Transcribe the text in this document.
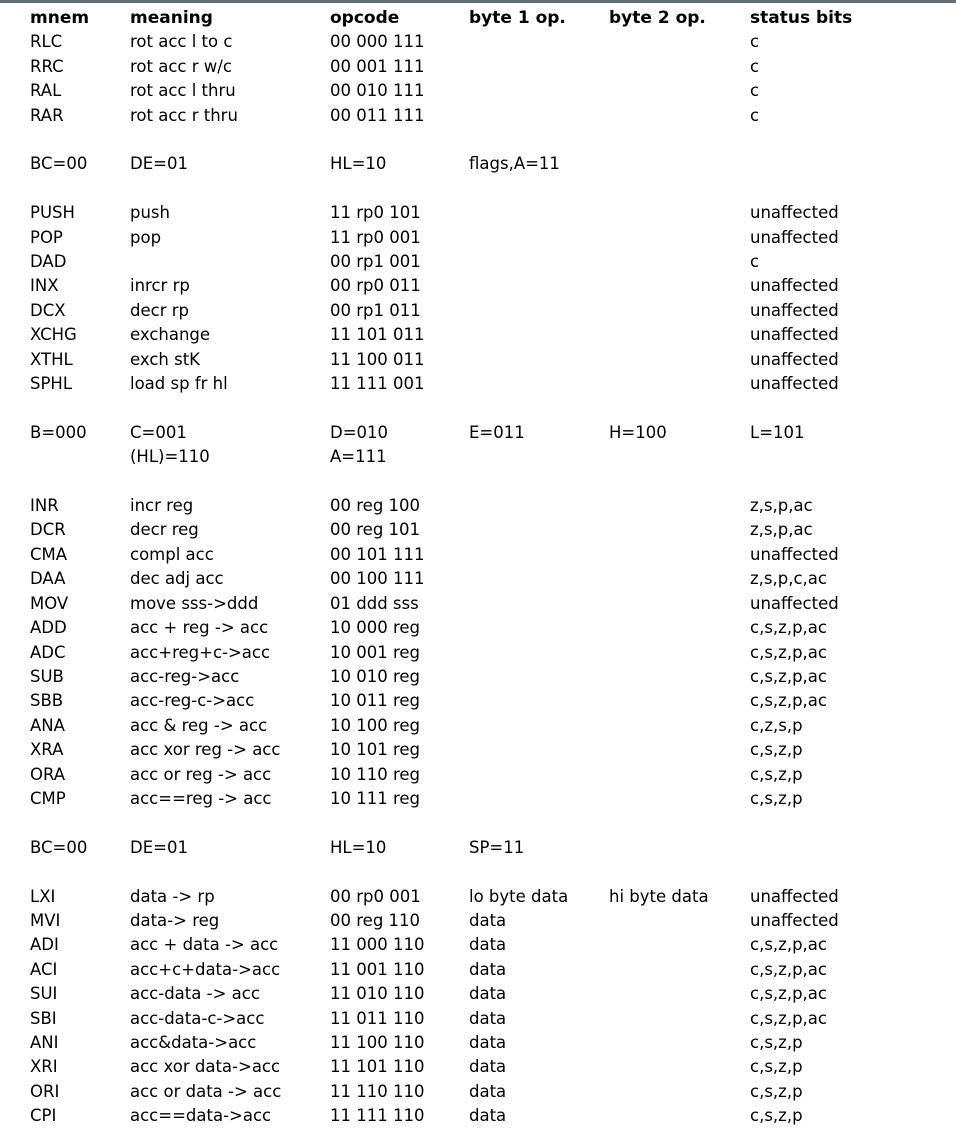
mnem	meaning	opcode	byte 1 op.	byte 2 op.	status bits
RLC	rot acc l to c	00 000 111			c
RRC	rot acc r w/c	00 001 111			c
RAL	rot acc l thru	00 010 111			c
RAR	rot acc r thru	00 011 111			c

BC=00	DE=01	HL=10	flags,A=11		

PUSH	push	11 rp0 101			unaffected
POP	pop	11 rp0 001			unaffected
DAD		00 rp1 001			c
INX	inrcr rp	00 rp0 011			unaffected
DCX	decr rp	00 rp1 011			unaffected
XCHG	exchange	11 101 011			unaffected
XTHL	exch stK	11 100 011			unaffected
SPHL	load sp fr hl	11 111 001			unaffected

B=000	C=001	D=010	E=011	H=100	L=101
	(HL)=110	A=111			

INR	incr reg	00 reg 100			z,s,p,ac
DCR	decr reg	00 reg 101			z,s,p,ac
CMA	compl acc	00 101 111			unaffected
DAA	dec adj acc	00 100 111			z,s,p,c,ac
MOV	move sss->ddd	01 ddd sss			unaffected
ADD	acc + reg -> acc	10 000 reg			c,s,z,p,ac
ADC	acc+reg+c->acc	10 001 reg			c,s,z,p,ac
SUB	acc-reg->acc	10 010 reg			c,s,z,p,ac
SBB	acc-reg-c->acc	10 011 reg			c,s,z,p,ac
ANA	acc & reg -> acc	10 100 reg			c,z,s,p
XRA	acc xor reg -> acc	10 101 reg			c,s,z,p
ORA	acc or reg -> acc	10 110 reg			c,s,z,p
CMP	acc==reg -> acc	10 111 reg			c,s,z,p

BC=00	DE=01	HL=10	SP=11		

LXI	data -> rp	00 rp0 001	lo byte data	hi byte data	unaffected
MVI	data-> reg	00 reg 110	data		unaffected
ADI	acc + data -> acc	11 000 110	data		c,s,z,p,ac
ACI	acc+c+data->acc	11 001 110	data		c,s,z,p,ac
SUI	acc-data -> acc	11 010 110	data		c,s,z,p,ac
SBI	acc-data-c->acc	11 011 110	data		c,s,z,p,ac
ANI	acc&data->acc	11 100 110	data		c,s,z,p
XRI	acc xor data->acc	11 101 110	data		c,s,z,p
ORI	acc or data -> acc	11 110 110	data		c,s,z,p
CPI	acc==data->acc	11 111 110	data		c,s,z,p
